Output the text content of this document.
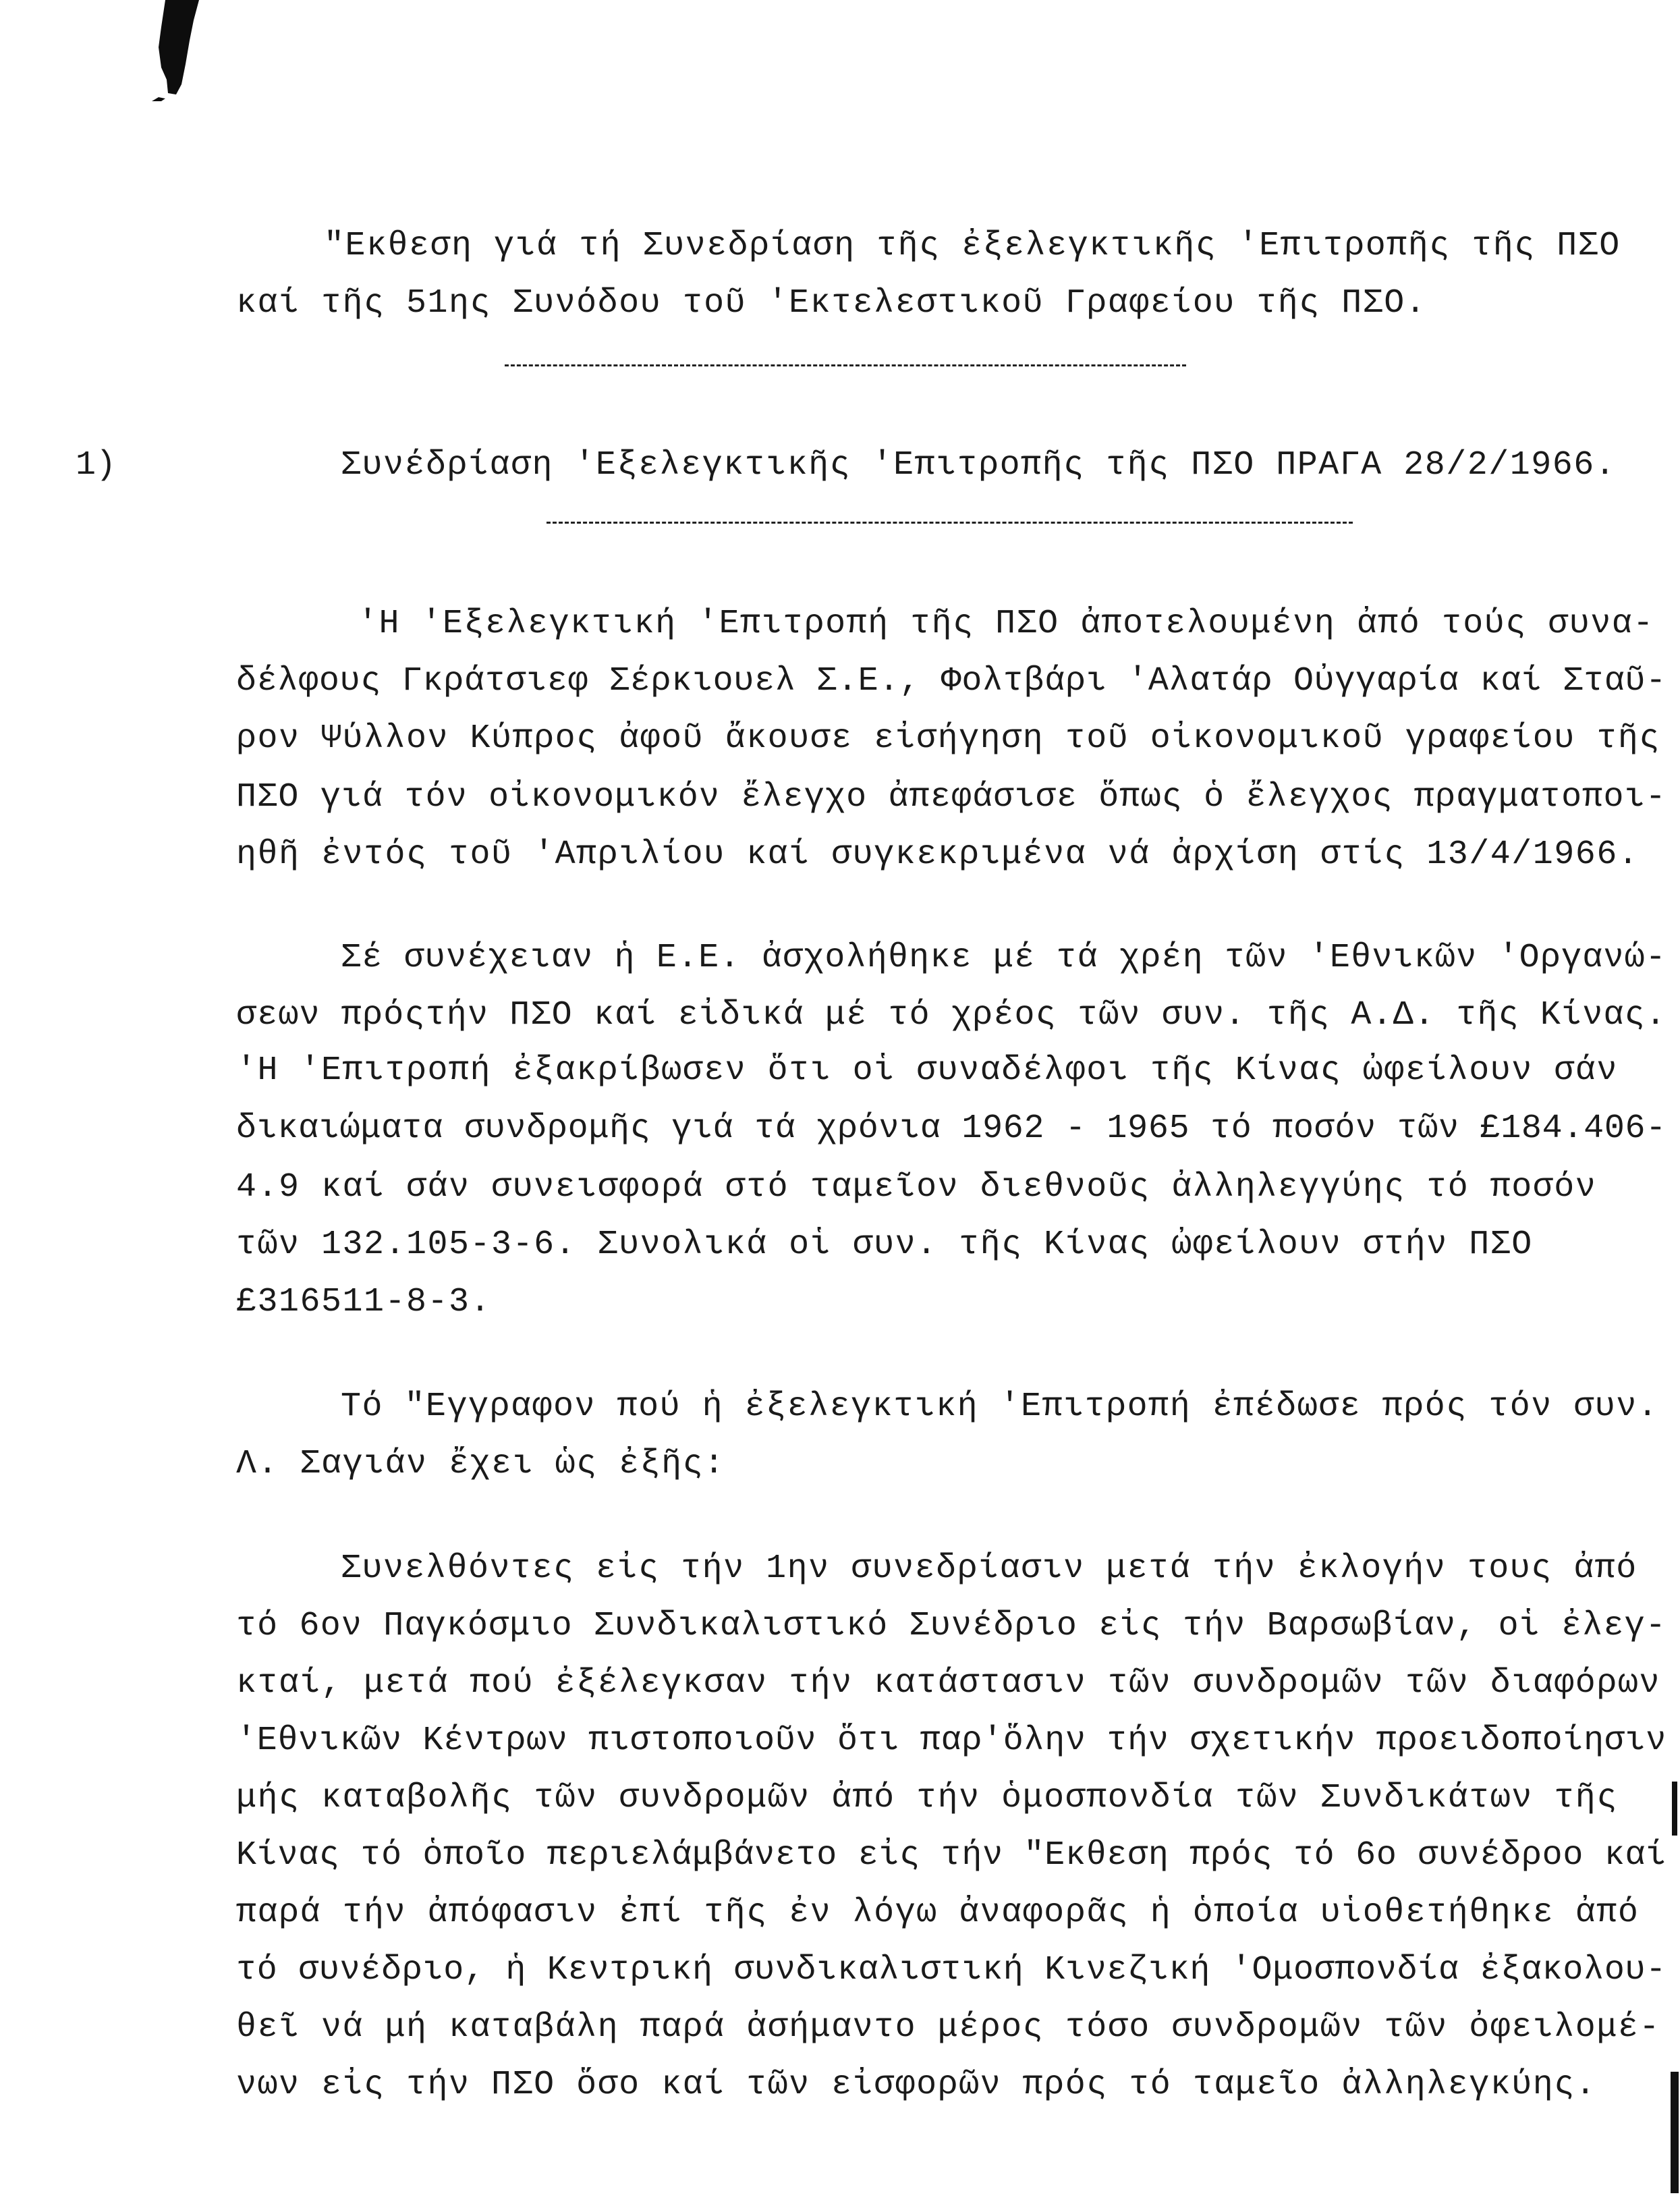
"Εκθεση γιά τή Συνεδρίαση τῆς ἐξελεγκτικῆς 'Επιτροπῆς τῆς ΠΣΟ
καί τῆς 51ης Συνόδου τοῦ 'Εκτελεστικοῦ Γραφείου τῆς ΠΣΟ.
1)	Συνέδρίαση 'Εξελεγκτικῆς 'Επιτροπῆς τῆς ΠΣΟ ΠΡΑΓΑ 28/2/1966.
'Η 'Εξελεγκτική 'Επιτροπή τῆς ΠΣΟ ἀποτελουμένη ἀπό τούς συνα-
δέλφους Γκράτσιεφ Σέρκιουελ Σ.Ε., Φολτβάρι 'Αλατάρ Οὐγγαρία καί Σταῦ-
ρον Ψύλλον Κύπρος ἀφοῦ ἄκουσε εἰσήγηση τοῦ οἰκονομικοῦ γραφείου τῆς
ΠΣΟ γιά τόν οἰκονομικόν ἔλεγχο ἀπεφάσισε ὅπως ὁ ἔλεγχος πραγματοποι-
ηθῆ ἐντός τοῦ 'Απριλίου καί συγκεκριμένα νά ἀρχίση στίς 13/4/1966.
Σέ συνέχειαν ἡ Ε.Ε. ἀσχολήθηκε μέ τά χρέη τῶν 'Εθνικῶν 'Οργανώ-
σεων πρόςτήν ΠΣΟ καί εἰδικά μέ τό χρέος τῶν συν. τῆς Α.Δ. τῆς Κίνας.
'Η 'Επιτροπή ἐξακρίβωσεν ὅτι οἱ συναδέλφοι τῆς Κίνας ὠφείλουν σάν
δικαιώματα συνδρομῆς γιά τά χρόνια 1962 - 1965 τό ποσόν τῶν £184.406-
4.9 καί σάν συνεισφορά στό ταμεῖον διεθνοῦς ἀλληλεγγύης τό ποσόν
τῶν 132.105-3-6. Συνολικά οἱ συν. τῆς Κίνας ὠφείλουν στήν ΠΣΟ
£316511-8-3.
Τό "Εγγραφον πού ἡ ἐξελεγκτική 'Επιτροπή ἐπέδωσε πρός τόν συν.
Λ. Σαγιάν ἔχει ὡς ἐξῆς:
Συνελθόντες εἰς τήν 1ην συνεδρίασιν μετά τήν ἐκλογήν τους ἀπό
τό 6ον Παγκόσμιο Συνδικαλιστικό Συνέδριο εἰς τήν Βαρσωβίαν, οἱ ἐλεγ-
κταί, μετά πού ἐξέλεγκσαν τήν κατάστασιν τῶν συνδρομῶν τῶν διαφόρων
'Εθνικῶν Κέντρων πιστοποιοῦν ὅτι παρ'ὅλην τήν σχετικήν προειδοποίησιν
μής καταβολῆς τῶν συνδρομῶν ἀπό τήν ὁμοσπονδία τῶν Συνδικάτων τῆς
Κίνας τό ὁποῖο περιελάμβάνετο εἰς τήν "Εκθεση πρός τό 6ο συνέδροο καί
παρά τήν ἀπόφασιν ἐπί τῆς ἐν λόγω ἀναφορᾶς ἡ ὁποία υἱοθετήθηκε ἀπό
τό συνέδριο, ἡ Κεντρική συνδικαλιστική Κινεζική 'Ομοσπονδία ἐξακολου-
θεῖ νά μή καταβάλη παρά ἀσήμαντο μέρος τόσο συνδρομῶν τῶν ὀφειλομέ-
νων εἰς τήν ΠΣΟ ὅσο καί τῶν εἰσφορῶν πρός τό ταμεῖο ἀλληλεγκύης.
